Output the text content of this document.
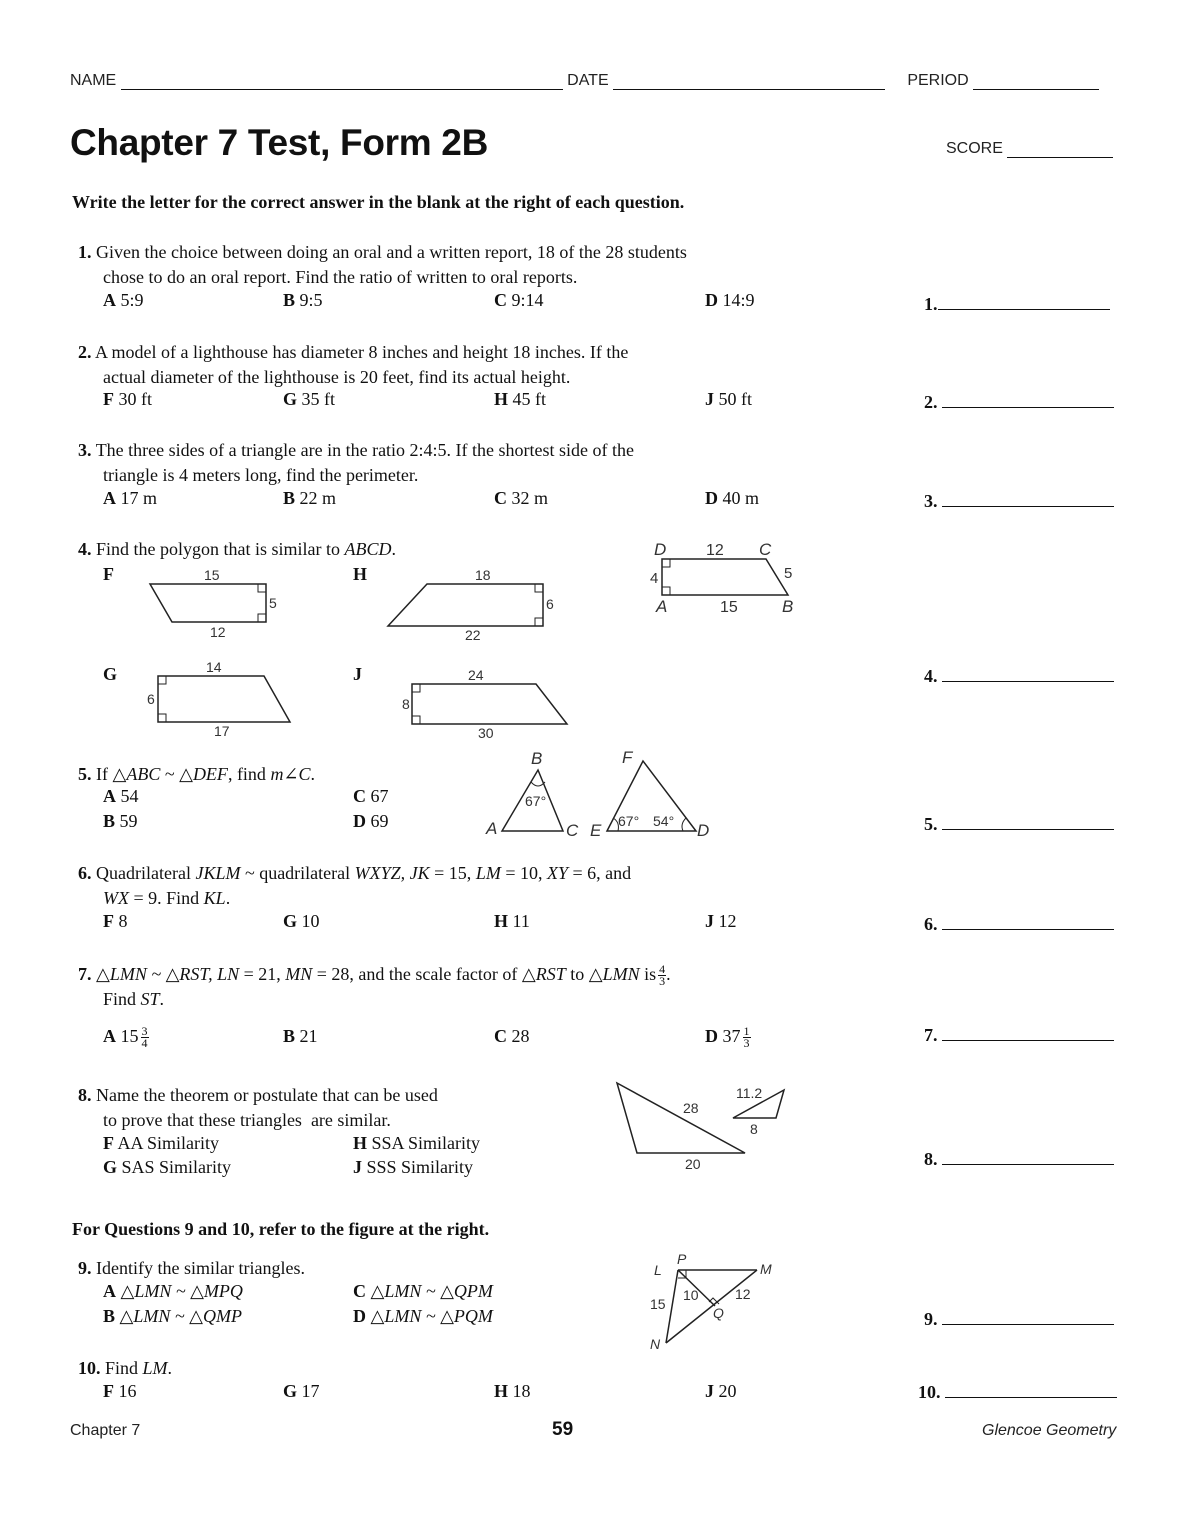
NAME	DATE	PERIOD
Chapter 7 Test, Form 2B	SCORE
Write the letter for the correct answer in the blank at the right of each question.
1. Given the choice between doing an oral and a written report, 18 of the 28 students
chose to do an oral report. Find the ratio of written to oral reports.
A 5:9	B 9:5	C 9:14	D 14:9	1.
2. A model of a lighthouse has diameter 8 inches and height 18 inches. If the
actual diameter of the lighthouse is 20 feet, find its actual height.
F 30 ft	G 35 ft	H 45 ft	J 50 ft	2.
3. The three sides of a triangle are in the ratio 2:4:5. If the shortest side of the
triangle is 4 meters long, find the perimeter.
A 17 m	B 22 m	C 32 m	D 40 m	3.
4. Find the polygon that is similar to ABCD.
F	H
G	J	4.
D 12 C
4	5
A	15	B
15
5
12
18
6
22
14
6
17
24
8
30
B
67°
A	C
F
E	D
67° 54°
28
20
11.2
8
L
P
M
N
Q
15
10	12
5. If △ABC ~ △DEF, find m∠C.
A 54	C 67
B 59	D 69	5.
6. Quadrilateral JKLM ~ quadrilateral WXYZ, JK = 15, LM = 10, XY = 6, and
WX = 9. Find KL.
F 8	G 10	H 11	J 12	6.
7. △LMN ~ △RST, LN = 21, MN = 28, and the scale factor of △RST to △LMN is $\frac{4}{3}$ .
Find ST.
A $15 \frac{3}{4}$	B 21	C 28	D $37 \frac{1}{3}$	7.
8. Name the theorem or postulate that can be used
to prove that these triangles  are similar.
F AA Similarity	H SSA Similarity
G SAS Similarity	J SSS Similarity	8.
For Questions 9 and 10, refer to the figure at the right.
9. Identify the similar triangles.
A △LMN ~ △MPQ	C △LMN ~ △QPM
B △LMN ~ △QMP	D △LMN ~ △PQM	9.
10. Find LM.
F 16	G 17	H 18	J 20	10.
Chapter 7	59	Glencoe Geometry
